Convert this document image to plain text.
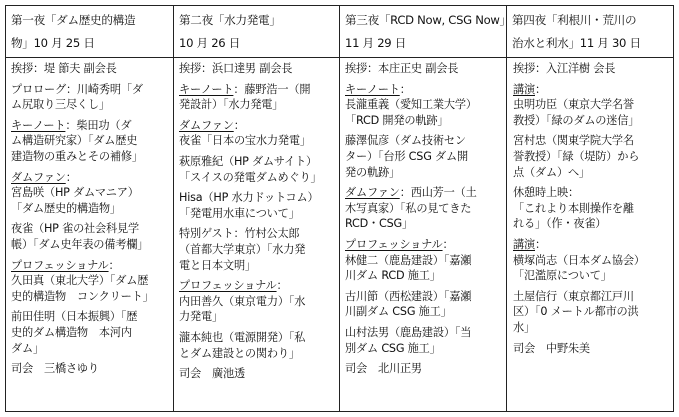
第一夜「ダム歴史的構造
物」10 月 25 日
挨拶：堤 節夫 副会長
プロローグ：川崎秀明「ダ
ム尻取り三尽くし」
キーノート：柴田功（ダ
ム構造研究家）「ダム歴史
建造物の重みとその補修」
ダムファン：
宮島咲（HP ダムマニア）
「ダム歴史的構造物」
夜雀（HP 雀の社会科見学
帳）「ダム史年表の備考欄」
プロフェッショナル：
久田真（東北大学）「ダム歴
史的構造物　コンクリート」
前田佳明（日本振興）「歴
史的ダム構造物　本河内
ダム」
司会　三橋さゆり
第二夜「水力発電」
10 月 26 日
挨拶：浜口達男 副会長
キーノート：藤野浩一（開
発設計）「水力発電」
ダムファン：
夜雀「日本の宝水力発電」
萩原雅紀（HP ダムサイト）
「スイスの発電ダムめぐり」
Hisa（HP 水力ドットコム）
「発電用水車について」
特別ゲスト：竹村公太郎
（首都大学東京）「水力発
電と日本文明」
プロフェッショナル：
内田善久（東京電力）「水
力発電」
瀧本純也（電源開発）「私
とダム建設との関わり」
司会　廣池透
第三夜「RCD Now, CSG Now」
11 月 29 日
挨拶：本庄正史 副会長
キーノート：
長瀧重義（愛知工業大学）
「RCD 開発の軌跡」
藤澤侃彦（ダム技術セン
ター）「台形 CSG ダム開
発の軌跡」
ダムファン：西山芳一（土
木写真家）「私の見てきた
RCD・CSG」
プロフェッショナル：
林健二（鹿島建設）「嘉瀬
川ダム RCD 施工」
古川節（西松建設）「嘉瀬
川副ダム CSG 施工」
山村法男（鹿島建設）「当
別ダム CSG 施工」
司会　北川正男
第四夜「利根川・荒川の
治水と利水」11 月 30 日
挨拶：入江洋樹 会長
講演：
虫明功臣（東京大学名誉
教授）「緑のダムの迷信」
宮村忠（関東学院大学名
誉教授）「緑（堤防）から
点（ダム）へ」
休憩時上映：
「これより本則操作を離
れる」（作・夜雀）
講演：
横塚尚志（日本ダム協会）
「氾濫原について」
土屋信行（東京都江戸川
区）「0 メートル都市の洪
水」
司会　中野朱美
